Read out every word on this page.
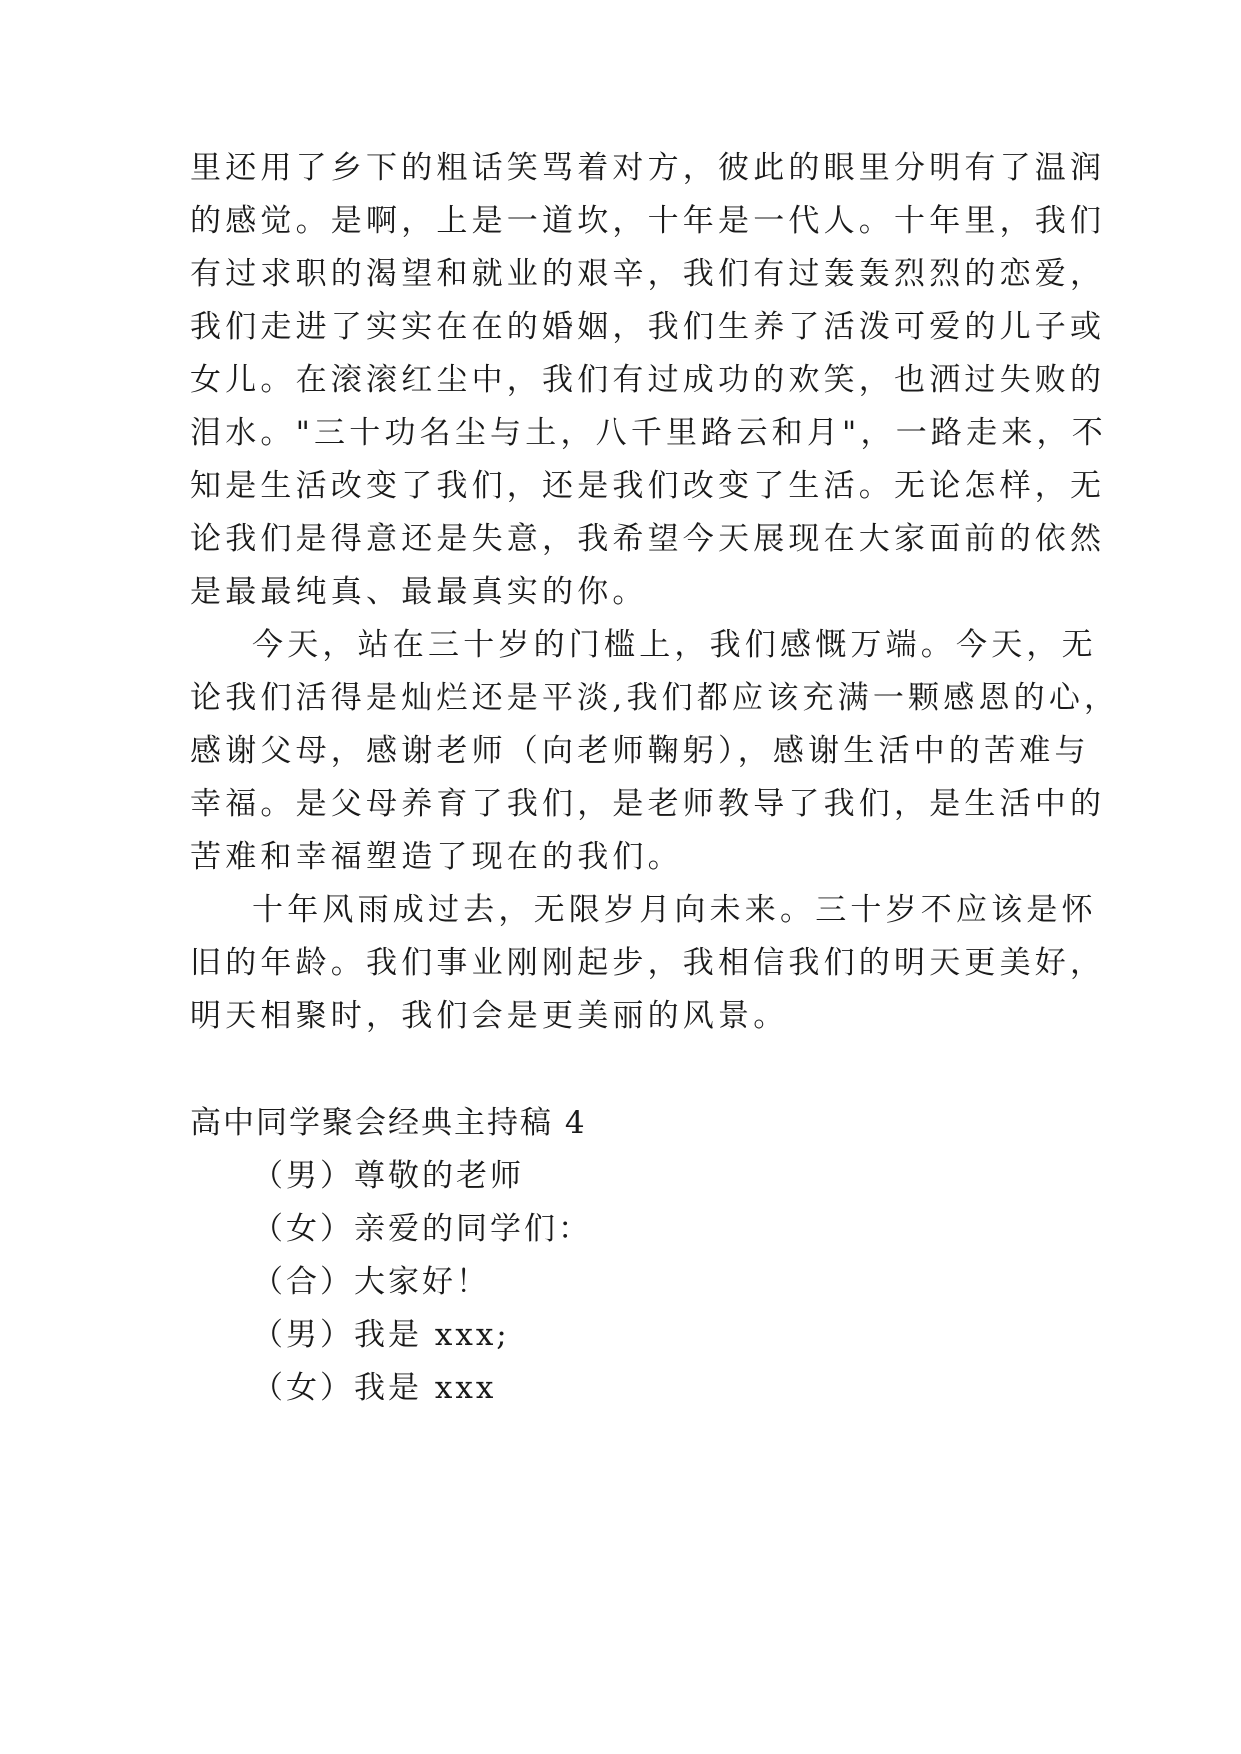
里还用了乡下的粗话笑骂着对方，彼此的眼里分明有了温润
的感觉。是啊，上是一道坎，十年是一代人。十年里，我们
有过求职的渴望和就业的艰辛，我们有过轰轰烈烈的恋爱，
我们走进了实实在在的婚姻，我们生养了活泼可爱的儿子或
女儿。在滚滚红尘中，我们有过成功的欢笑，也洒过失败的
泪水。"三十功名尘与土，八千里路云和月"，一路走来，不
知是生活改变了我们，还是我们改变了生活。无论怎样，无
论我们是得意还是失意，我希望今天展现在大家面前的依然
是最最纯真、最最真实的你。
今天，站在三十岁的门槛上，我们感慨万端。今天，无
论我们活得是灿烂还是平淡,我们都应该充满一颗感恩的心，
感谢父母，感谢老师（向老师鞠躬），感谢生活中的苦难与
幸福。是父母养育了我们，是老师教导了我们，是生活中的
苦难和幸福塑造了现在的我们。
十年风雨成过去，无限岁月向未来。三十岁不应该是怀
旧的年龄。我们事业刚刚起步，我相信我们的明天更美好，
明天相聚时，我们会是更美丽的风景。
高中同学聚会经典主持稿 4
（男）尊敬的老师
（女）亲爱的同学们：
（合）大家好！
（男）我是 xxx;
（女）我是 xxx
